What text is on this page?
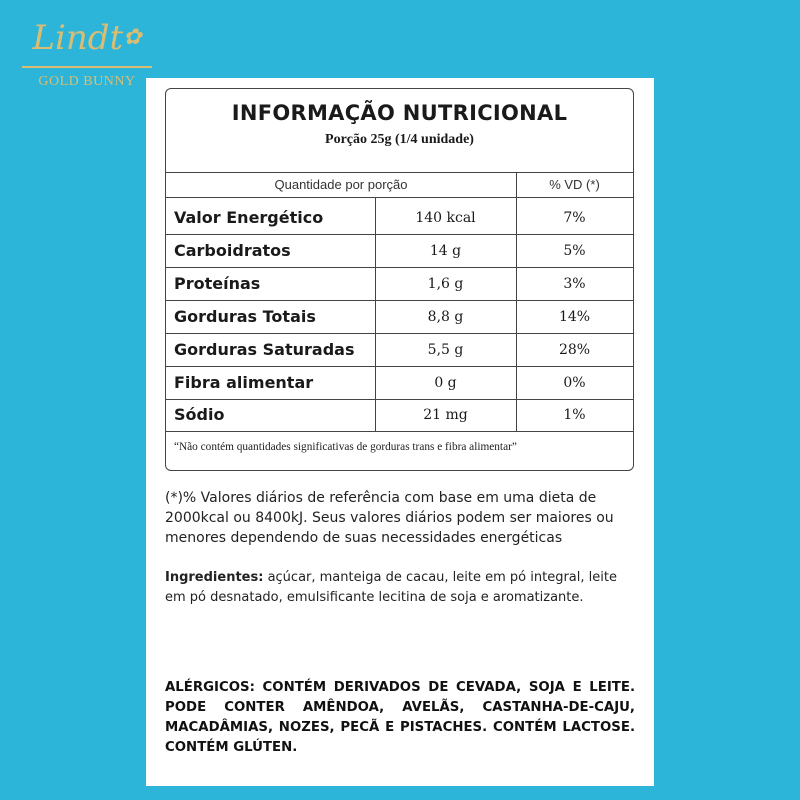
Lindt✿
GOLD BUNNY
INFORMAÇÃO NUTRICIONAL
Porção 25g (1/4 unidade)
Quantidade por porção	% VD (*)
Valor Energético	140 kcal	7%
Carboidratos	14 g	5%
Proteínas	1,6 g	3%
Gorduras Totais	8,8 g	14%
Gorduras Saturadas	5,5 g	28%
Fibra alimentar	0 g	0%
Sódio	21 mg	1%
“Não contém quantidades significativas de gorduras trans e fibra alimentar”
(*)% Valores diários de referência com base em uma dieta de 2000kcal ou 8400kJ. Seus valores diários podem ser maiores ou menores dependendo de suas necessidades energéticas
Ingredientes: açúcar, manteiga de cacau, leite em pó integral, leite em pó desnatado, emulsificante lecitina de soja e aromatizante.
ALÉRGICOS: CONTÉM DERIVADOS DE CEVADA, SOJA E LEITE. PODE CONTER AMÊNDOA, AVELÃS, CASTANHA-DE-CAJU, MACADÂMIAS, NOZES, PECÃ E PISTACHES. CONTÉM LACTOSE. CONTÉM GLÚTEN.
